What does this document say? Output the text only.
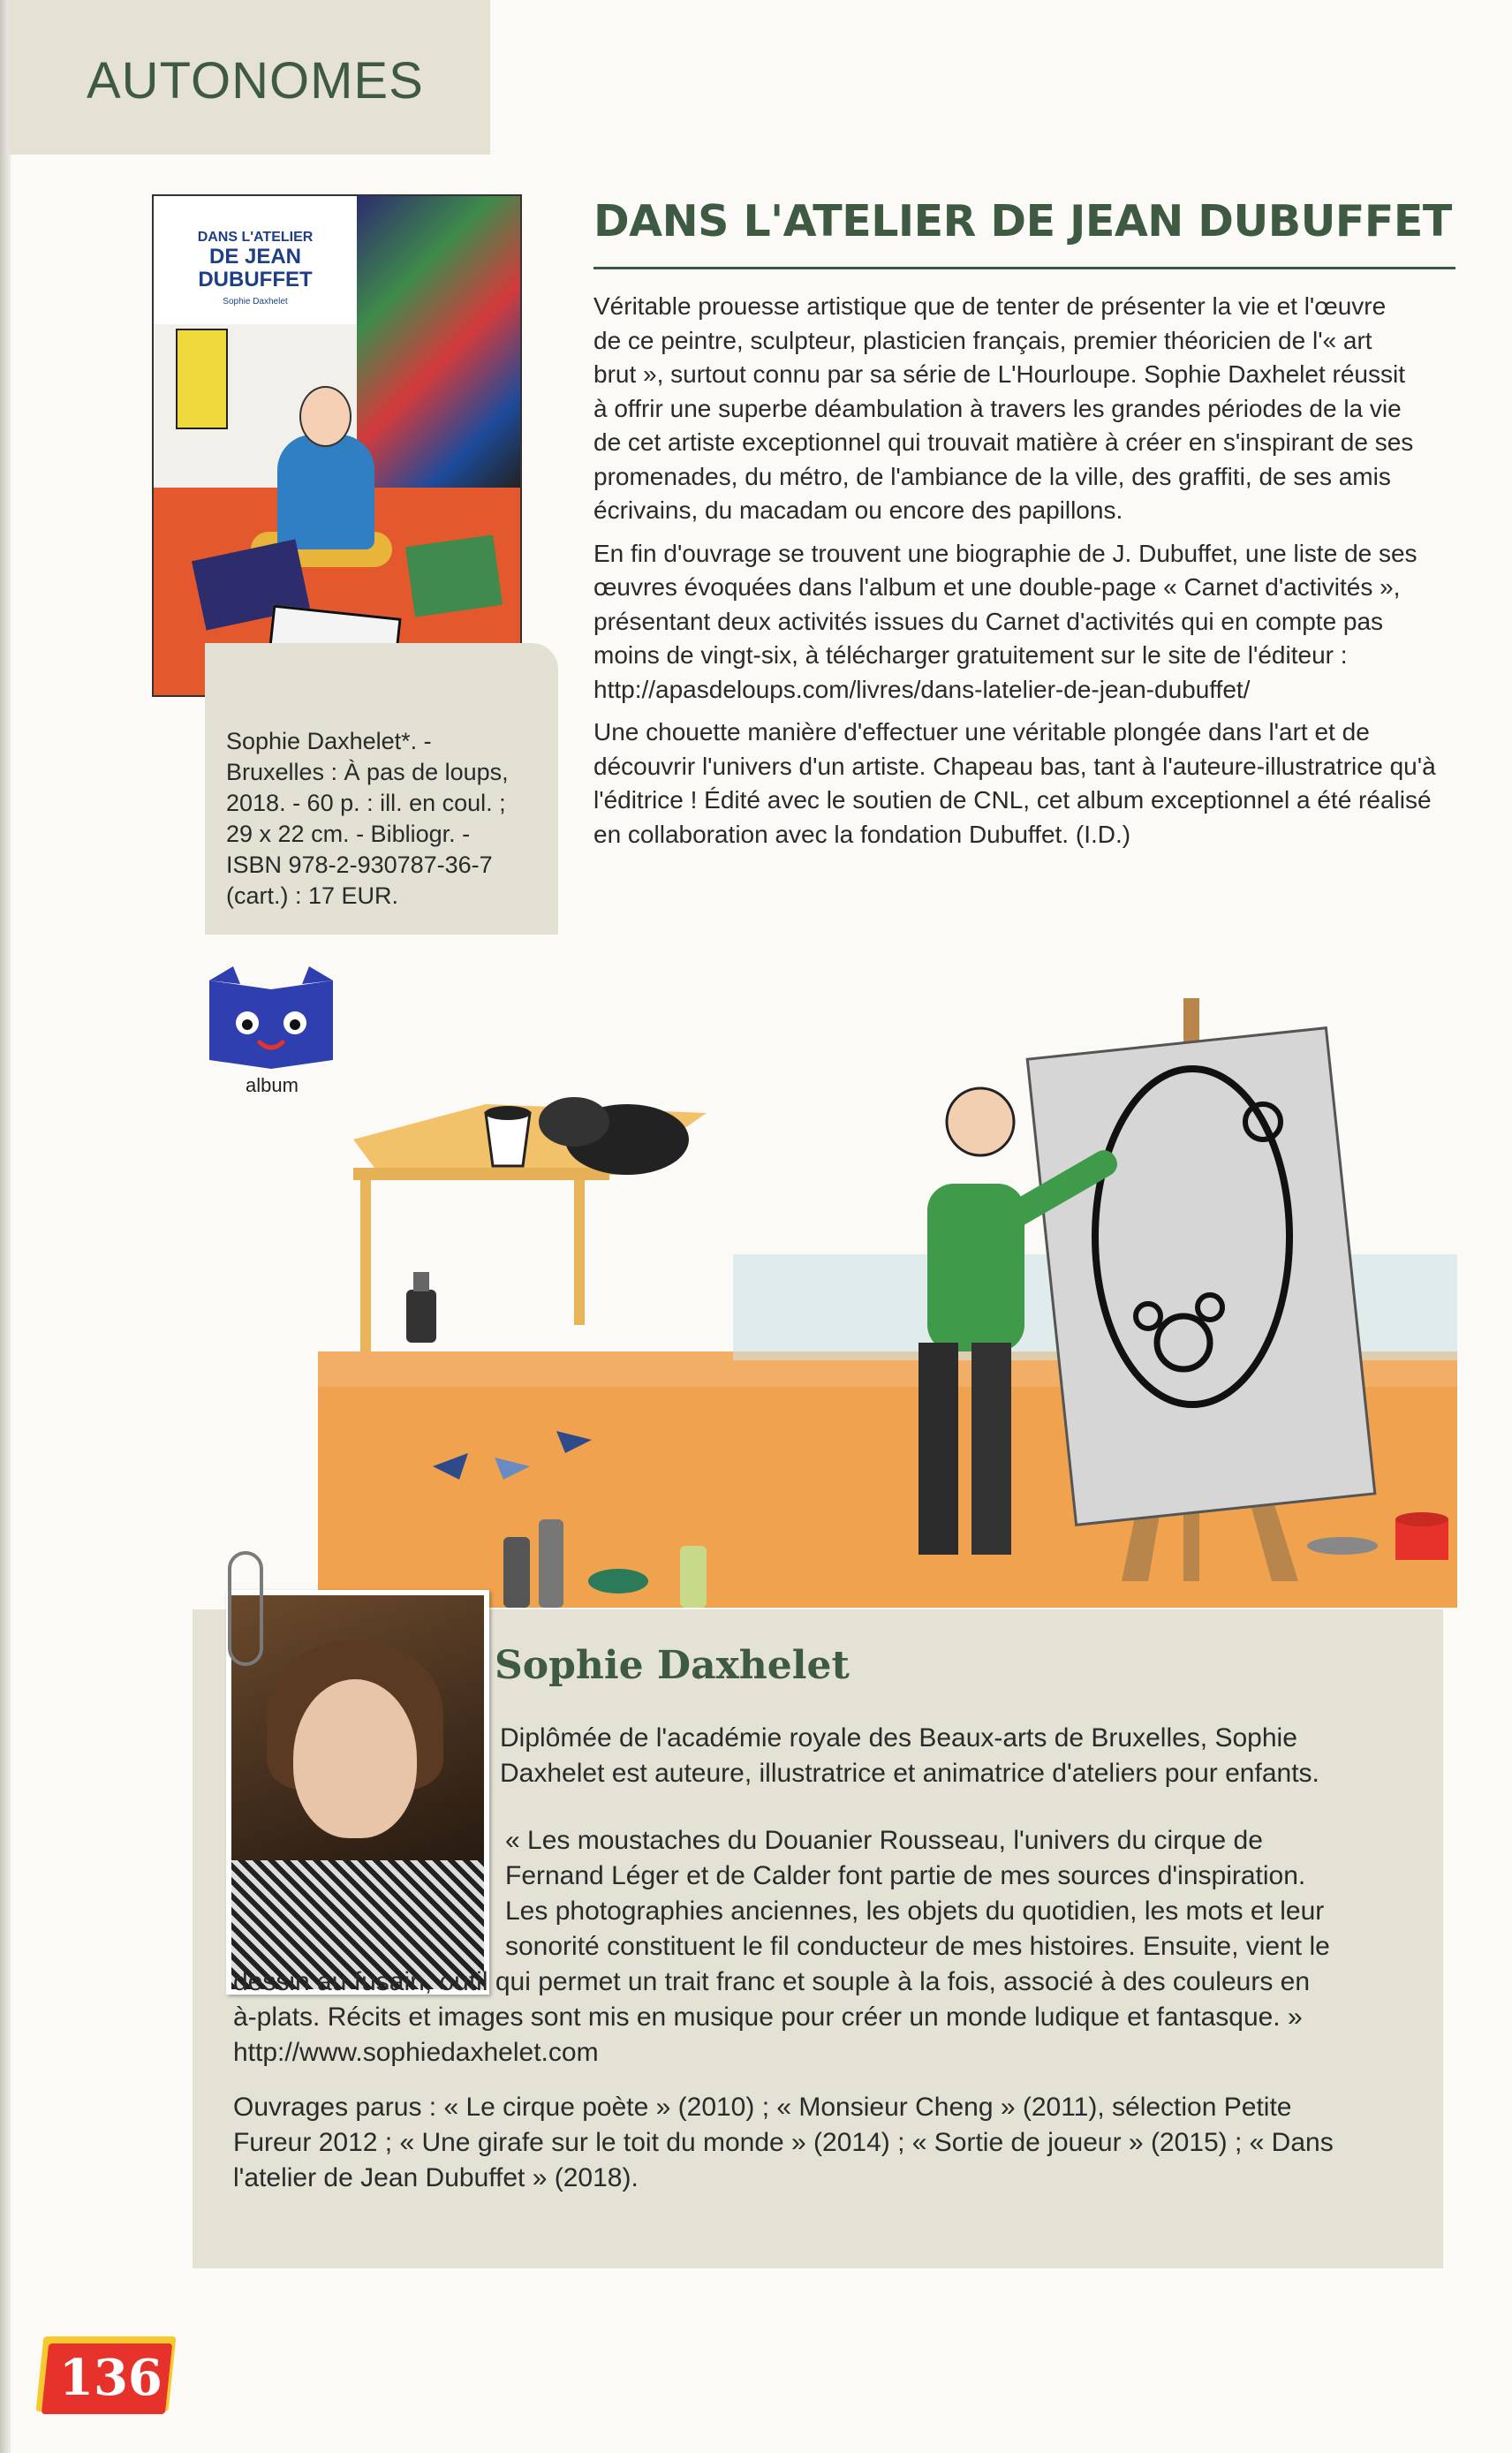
AUTONOMES
DANS L'ATELIER
DE JEAN
DUBUFFET
Sophie Daxhelet
Sophie Daxhelet*. -
Bruxelles : À pas de loups,
2018. - 60 p. : ill. en coul. ;
29 x 22 cm. - Bibliogr. -
ISBN 978-2-930787-36-7
(cart.) : 17 EUR.
album
DANS L'ATELIER DE JEAN DUBUFFET
Véritable prouesse artistique que de tenter de présenter la vie et l'œuvre
de ce peintre, sculpteur, plasticien français, premier théoricien de l'« art
brut », surtout connu par sa série de L'Hourloupe. Sophie Daxhelet réussit
à offrir une superbe déambulation à travers les grandes périodes de la vie
de cet artiste exceptionnel qui trouvait matière à créer en s'inspirant de ses
promenades, du métro, de l'ambiance de la ville, des graffiti, de ses amis
écrivains, du macadam ou encore des papillons.
En fin d'ouvrage se trouvent une biographie de J. Dubuffet, une liste de ses
œuvres évoquées dans l'album et une double-page « Carnet d'activités »,
présentant deux activités issues du Carnet d'activités qui en compte pas
moins de vingt-six, à télécharger gratuitement sur le site de l'éditeur :
http://apasdeloups.com/livres/dans-latelier-de-jean-dubuffet/
Une chouette manière d'effectuer une véritable plongée dans l'art et de
découvrir l'univers d'un artiste. Chapeau bas, tant à l'auteure-illustratrice qu'à
l'éditrice ! Édité avec le soutien de CNL, cet album exceptionnel a été réalisé
en collaboration avec la fondation Dubuffet. (I.D.)
Sophie Daxhelet
Diplômée de l'académie royale des Beaux-arts de Bruxelles, Sophie
Daxhelet est auteure, illustratrice et animatrice d'ateliers pour enfants.
« Les moustaches du Douanier Rousseau, l'univers du cirque de
Fernand Léger et de Calder font partie de mes sources d'inspiration.
Les photographies anciennes, les objets du quotidien, les mots et leur
sonorité constituent le fil conducteur de mes histoires. Ensuite, vient le
dessin au fusain, outil qui permet un trait franc et souple à la fois, associé à des couleurs en
à-plats. Récits et images sont mis en musique pour créer un monde ludique et fantasque. »
http://www.sophiedaxhelet.com
Ouvrages parus : « Le cirque poète » (2010) ; « Monsieur Cheng » (2011), sélection Petite
Fureur 2012 ; « Une girafe sur le toit du monde » (2014) ; « Sortie de joueur » (2015) ; « Dans
l'atelier de Jean Dubuffet » (2018).
136
